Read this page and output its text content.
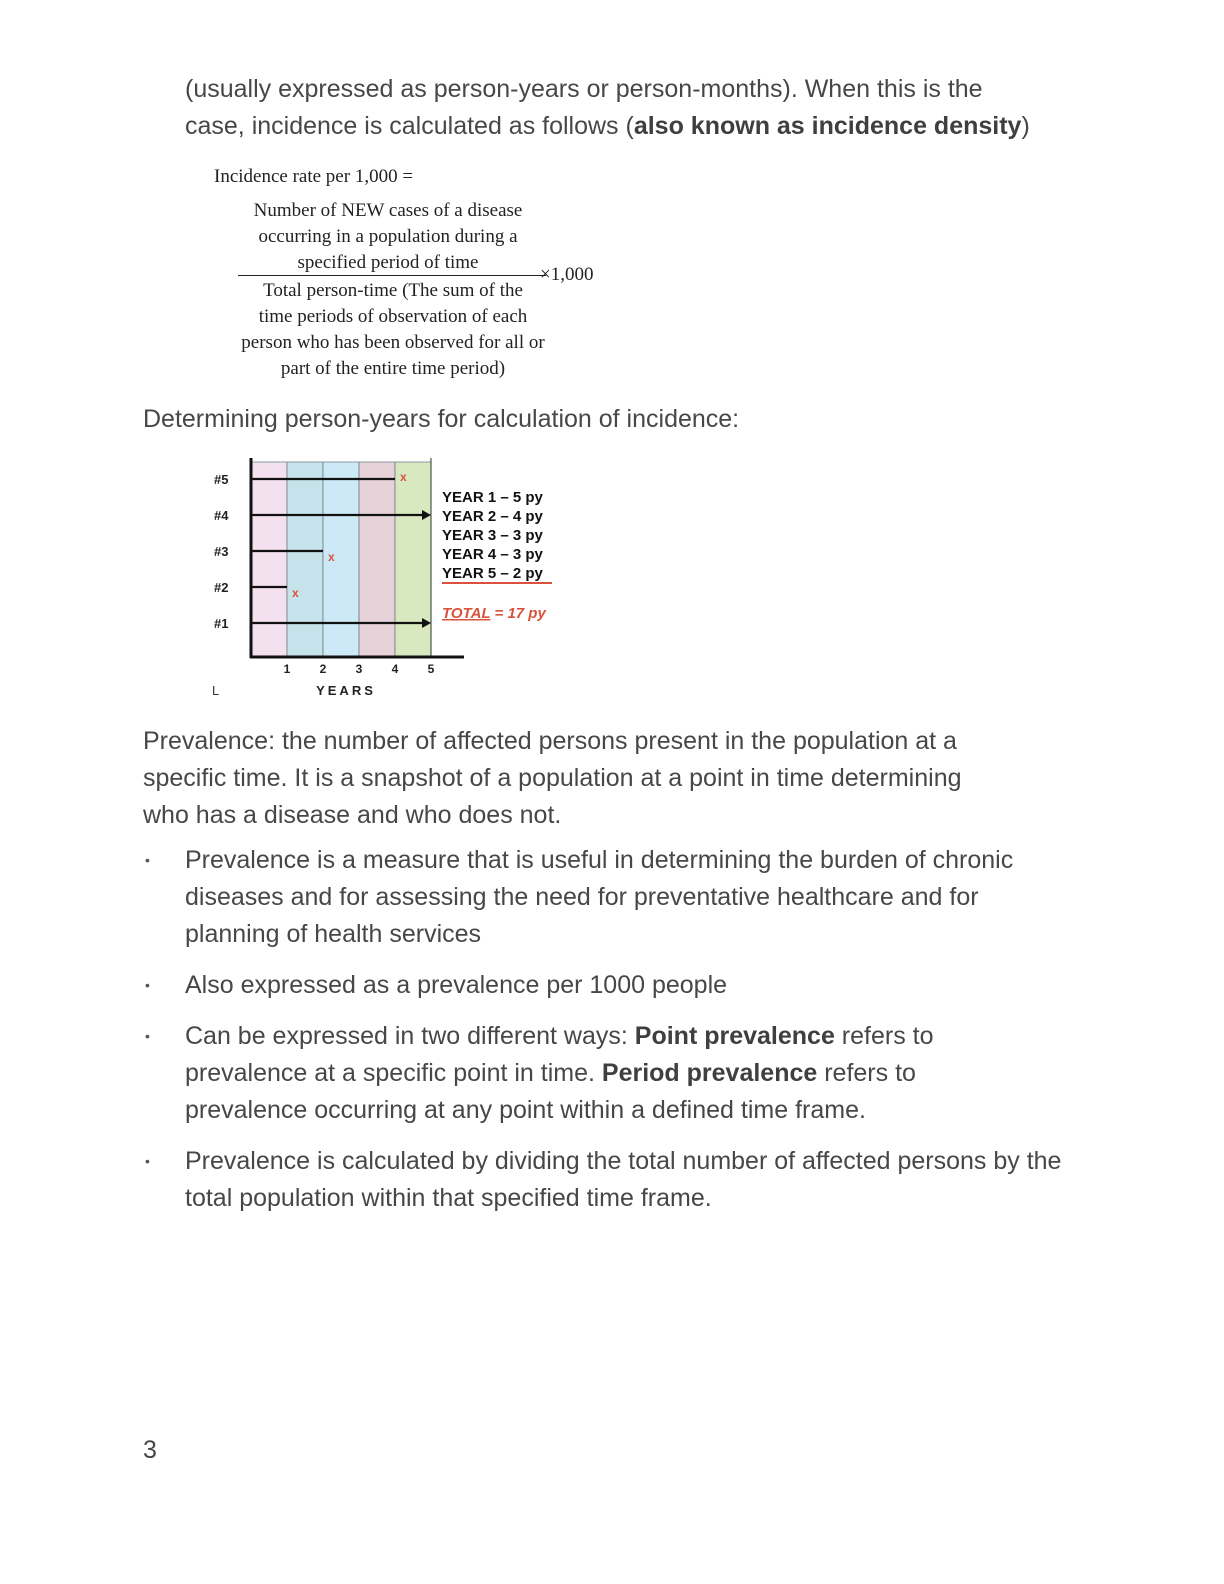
(usually expressed as person-years or person-months). When this is the
case, incidence is calculated as follows (also known as incidence density)
Incidence rate per 1,000 =
Number of NEW cases of a disease
occurring in a population during a
specified period of time
×1,000
Total person-time (The sum of the
time periods of observation of each
person who has been observed for all or
part of the entire time period)
Determining person-years for calculation of incidence:
x
x
x
#5
#4
#3
#2
#1
1 2 3 4 5
YEARS
L
YEAR 1 – 5 py
YEAR 2 – 4 py
YEAR 3 – 3 py
YEAR 4 – 3 py
YEAR 5 – 2 py
TOTAL = 17 py
Prevalence: the number of affected persons present in the population at a
specific time. It is a snapshot of a population at a point in time determining
who has a disease and who does not.
• Prevalence is a measure that is useful in determining the burden of chronic diseases and for assessing the need for preventative healthcare and for planning of health services
• Also expressed as a prevalence per 1000 people
• Can be expressed in two different ways: Point prevalence refers to prevalence at a specific point in time. Period prevalence refers to prevalence occurring at any point within a defined time frame.
• Prevalence is calculated by dividing the total number of affected persons by the total population within that specified time frame.
3
